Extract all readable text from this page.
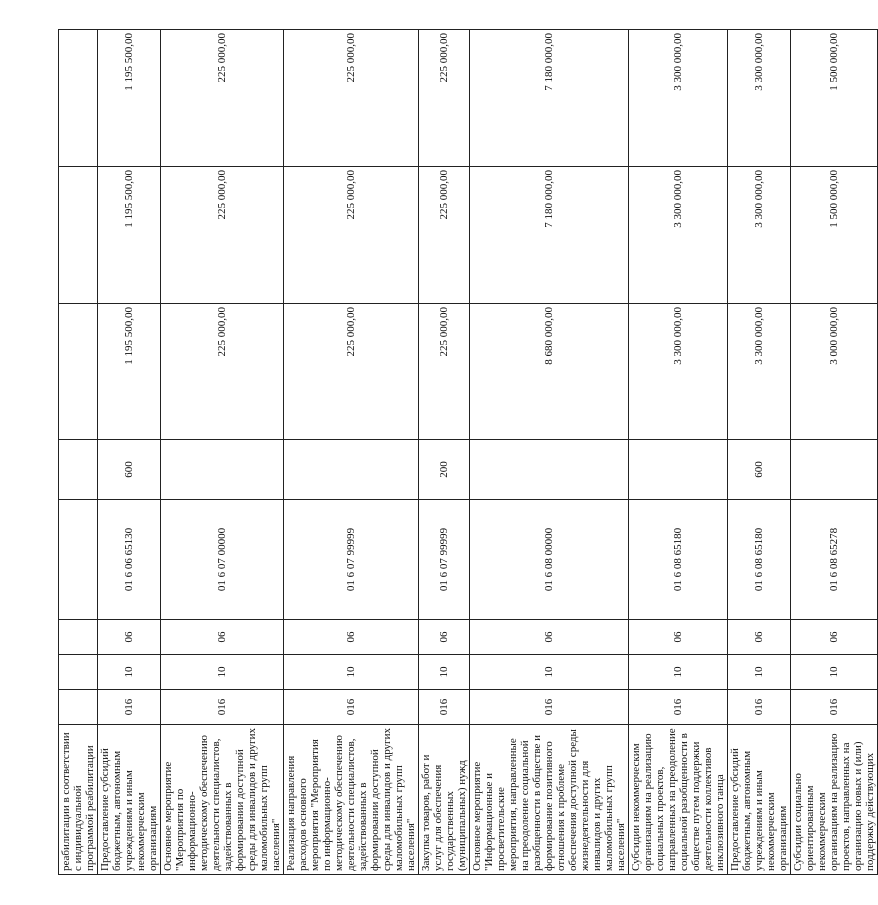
реабилитации в соответствии с индивидуальной программой реабилитации								
Предоставление субсидий бюджетным, автономным учреждениям и иным некоммерческим организациям	016	10	06	01 6 06 65130	600	1 195 500,00	1 195 500,00	1 195 500,00
Основное мероприятие "Мероприятия по информационно-методическому обеспечению деятельности специалистов, задействованных в формировании доступной среды для инвалидов и других маломобильных групп населения"	016	10	06	01 6 07 00000		225 000,00	225 000,00	225 000,00
Реализация направления расходов основного мероприятия "Мероприятия по информационно-методическому обеспечению деятельности специалистов, задействованных в формировании доступной среды для инвалидов и других маломобильных групп населения"	016	10	06	01 6 07 99999		225 000,00	225 000,00	225 000,00
Закупка товаров, работ и услуг для обеспечения государственных (муниципальных) нужд	016	10	06	01 6 07 99999	200	225 000,00	225 000,00	225 000,00
Основное мероприятие "Информационные и просветительские мероприятия, направленные на преодоление социальной разобщенности в обществе и формирование позитивного отношения к проблеме обеспечения доступной среды жизнедеятельности для инвалидов и других маломобильных групп населения"	016	10	06	01 6 08 00000		8 680 000,00	7 180 000,00	7 180 000,00
Субсидии некоммерческим организациям на реализацию социальных проектов, направленных на преодоление социальной разобщенности в обществе путем поддержки деятельности коллективов инклюзивного танца	016	10	06	01 6 08 65180		3 300 000,00	3 300 000,00	3 300 000,00
Предоставление субсидий бюджетным, автономным учреждениям и иным некоммерческим организациям	016	10	06	01 6 08 65180	600	3 300 000,00	3 300 000,00	3 300 000,00
Субсидии социально ориентированным некоммерческим организациям на реализацию проектов, направленных на организацию новых и (или) поддержку действующих	016	10	06	01 6 08 65278		3 000 000,00	1 500 000,00	1 500 000,00
